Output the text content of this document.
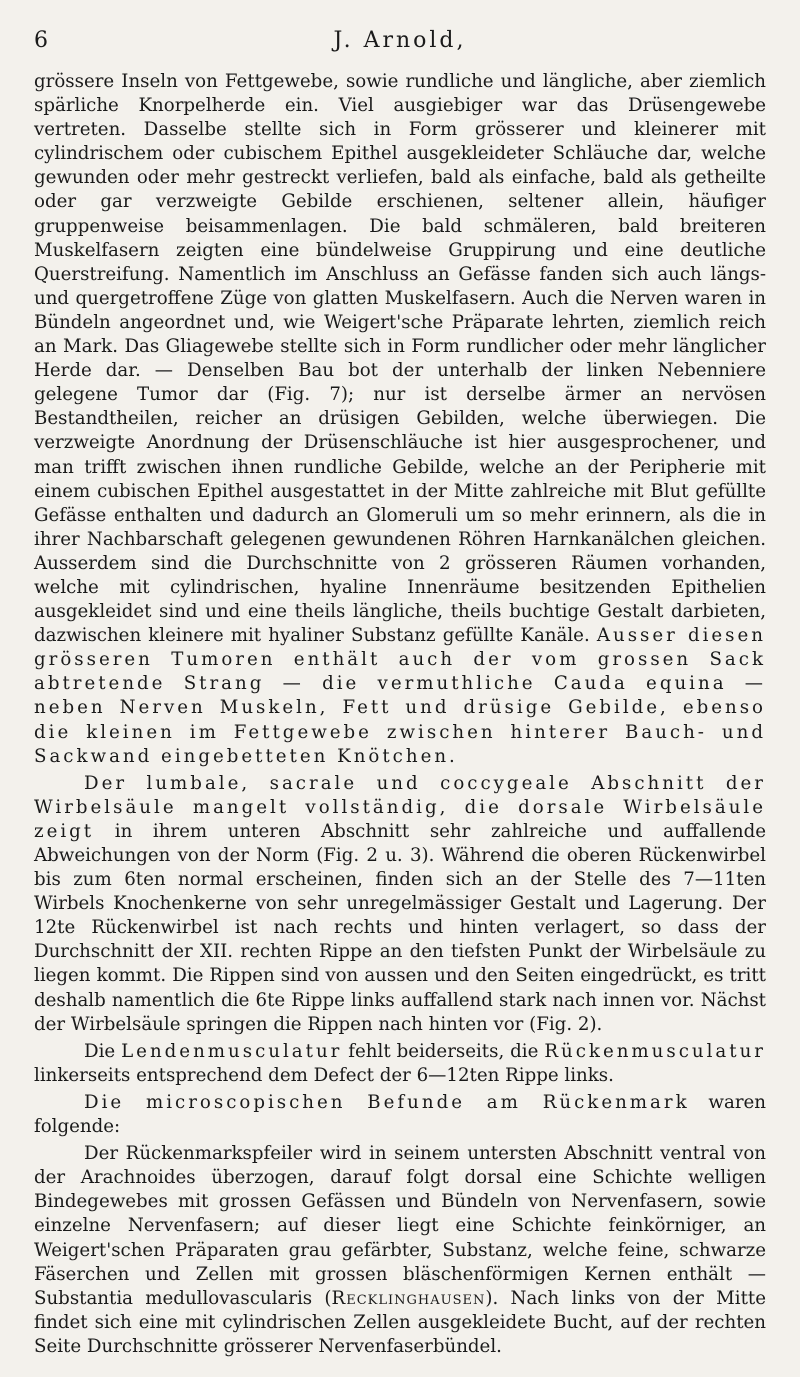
6	J. Arnold,

grössere Inseln von Fettgewebe, sowie rundliche und längliche, aber ziemlich spärliche Knorpelherde ein. Viel ausgiebiger war das Drüsengewebe vertreten. Dasselbe stellte sich in Form grösserer und kleinerer mit cylindrischem oder cubischem Epithel ausgekleideter Schläuche dar, welche gewunden oder mehr gestreckt verliefen, bald als einfache, bald als getheilte oder gar verzweigte Gebilde erschienen, seltener allein, häufiger gruppenweise beisammenlagen. Die bald schmäleren, bald breiteren Muskelfasern zeigten eine bündelweise Gruppirung und eine deutliche Querstreifung. Namentlich im Anschluss an Gefässe fanden sich auch längs- und quergetroffene Züge von glatten Muskelfasern. Auch die Nerven waren in Bündeln angeordnet und, wie Weigert'sche Präparate lehrten, ziemlich reich an Mark. Das Gliagewebe stellte sich in Form rundlicher oder mehr länglicher Herde dar. — Denselben Bau bot der unterhalb der linken Nebenniere gelegene Tumor dar (Fig. 7); nur ist derselbe ärmer an nervösen Bestandtheilen, reicher an drüsigen Gebilden, welche überwiegen. Die verzweigte Anordnung der Drüsenschläuche ist hier ausgesprochener, und man trifft zwischen ihnen rundliche Gebilde, welche an der Peripherie mit einem cubischen Epithel ausgestattet in der Mitte zahlreiche mit Blut gefüllte Gefässe enthalten und dadurch an Glomeruli um so mehr erinnern, als die in ihrer Nachbarschaft gelegenen gewundenen Röhren Harnkanälchen gleichen. Ausserdem sind die Durchschnitte von 2 grösseren Räumen vorhanden, welche mit cylindrischen, hyaline Innenräume besitzenden Epithelien ausgekleidet sind und eine theils längliche, theils buchtige Gestalt darbieten, dazwischen kleinere mit hyaliner Substanz gefüllte Kanäle. Ausser diesen grösseren Tumoren enthält auch der vom grossen Sack abtretende Strang — die vermuthliche Cauda equina — neben Nerven Muskeln, Fett und drüsige Gebilde, ebenso die kleinen im Fettgewebe zwischen hinterer Bauch- und Sackwand eingebetteten Knötchen.

Der lumbale, sacrale und coccygeale Abschnitt der Wirbelsäule mangelt vollständig, die dorsale Wirbelsäule zeigt in ihrem unteren Abschnitt sehr zahlreiche und auffallende Abweichungen von der Norm (Fig. 2 u. 3). Während die oberen Rückenwirbel bis zum 6ten normal erscheinen, finden sich an der Stelle des 7—11ten Wirbels Knochenkerne von sehr unregelmässiger Gestalt und Lagerung. Der 12te Rückenwirbel ist nach rechts und hinten verlagert, so dass der Durchschnitt der XII. rechten Rippe an den tiefsten Punkt der Wirbelsäule zu liegen kommt. Die Rippen sind von aussen und den Seiten eingedrückt, es tritt deshalb namentlich die 6te Rippe links auffallend stark nach innen vor. Nächst der Wirbelsäule springen die Rippen nach hinten vor (Fig. 2).

Die Lendenmusculatur fehlt beiderseits, die Rückenmusculatur linkerseits entsprechend dem Defect der 6—12ten Rippe links.

Die microscopischen Befunde am Rückenmark waren folgende:

Der Rückenmarkspfeiler wird in seinem untersten Abschnitt ventral von der Arachnoides überzogen, darauf folgt dorsal eine Schichte welligen Bindegewebes mit grossen Gefässen und Bündeln von Nervenfasern, sowie einzelne Nervenfasern; auf dieser liegt eine Schichte feinkörniger, an Weigert'schen Präparaten grau gefärbter, Substanz, welche feine, schwarze Fäserchen und Zellen mit grossen bläschenförmigen Kernen enthält — Substantia medullovascularis (Recklinghausen). Nach links von der Mitte findet sich eine mit cylindrischen Zellen ausgekleidete Bucht, auf der rechten Seite Durchschnitte grösserer Nervenfaserbündel.
